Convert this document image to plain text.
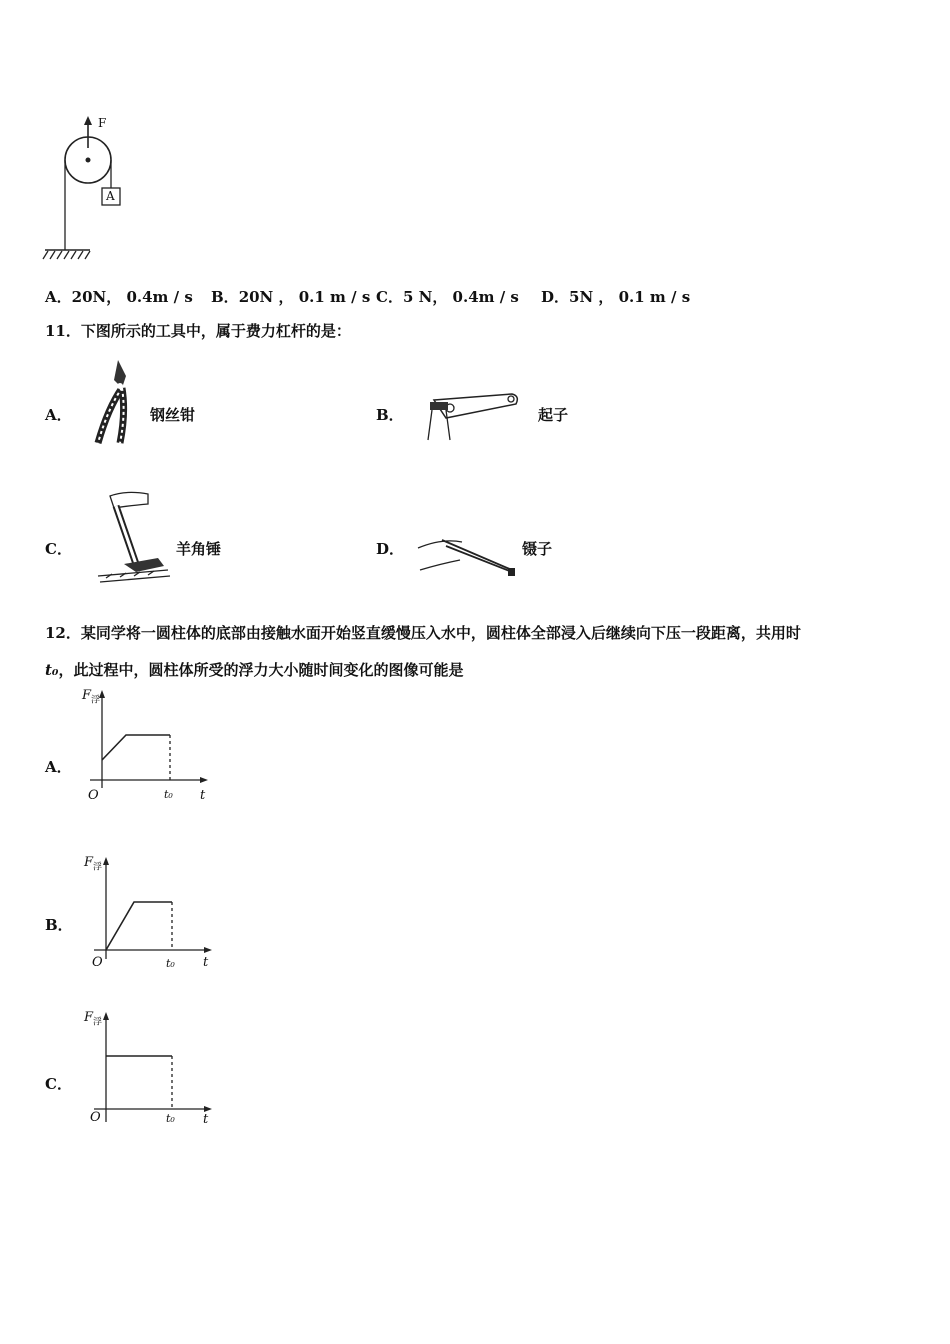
F
A
A．20N， 0.4m / s B．20N ， 0.1 m / s C．5 N， 0.4m / s D．5N ， 0.1 m / s
11．下图所示的工具中，属于费力杠杆的是：
A．	钢丝钳	B．	起子
C．	羊角锤	D．	镊子
12．某同学将一圆柱体的底部由接触水面开始竖直缓慢压入水中，圆柱体全部浸入后继续向下压一段距离，共用时
t₀，此过程中，圆柱体所受的浮力大小随时间变化的图像可能是
A．
$F_浮$
O	t₀ t
B．
$F_浮$
O	t₀ t
C．
$F_浮$
O	t₀ t
